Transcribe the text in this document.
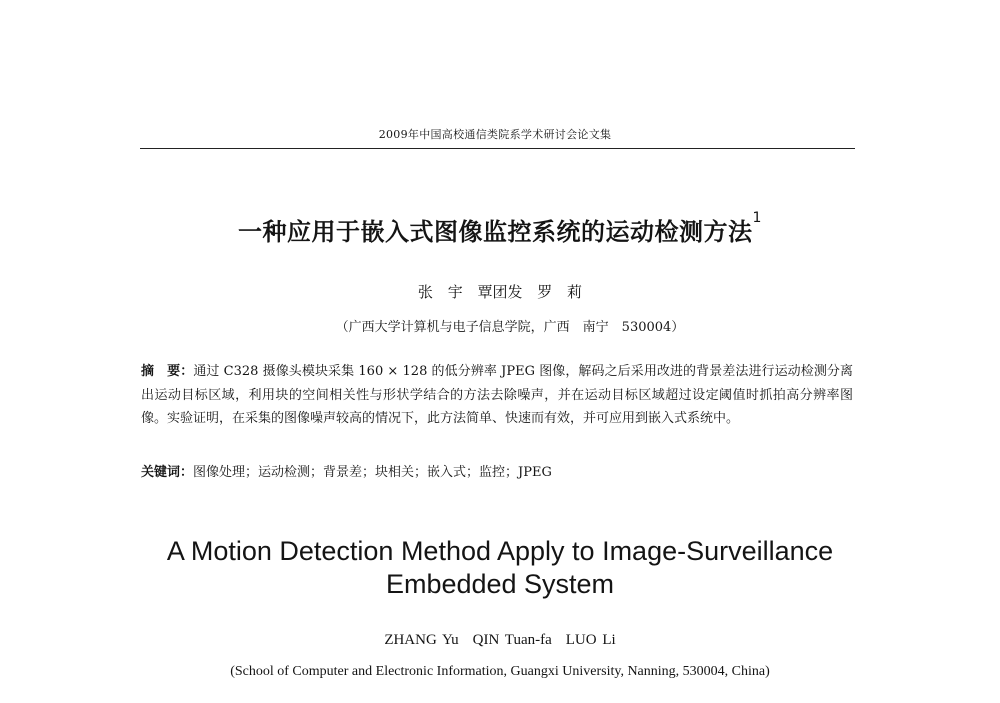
2009年中国高校通信类院系学术研讨会论文集
一种应用于嵌入式图像监控系统的运动检测方法$^1$
张 宇 覃团发 罗 莉
（广西大学计算机与电子信息学院，广西　南宁　530004）
摘　要：通过 C328 摄像头模块采集 160 × 128 的低分辨率 JPEG 图像，解码之后采用改进的背景差法进行运动检测分离出运动目标区域，利用块的空间相关性与形状学结合的方法去除噪声，并在运动目标区域超过设定阈值时抓拍高分辨率图像。实验证明，在采集的图像噪声较高的情况下，此方法简单、快速而有效，并可应用到嵌入式系统中。
关键词：图像处理；运动检测；背景差；块相关；嵌入式；监控；JPEG
A Motion Detection Method Apply to Image-Surveillance
Embedded System
ZHANG Yu QIN Tuan-fa LUO Li
(School of Computer and Electronic Information, Guangxi University, Nanning, 530004, China)
